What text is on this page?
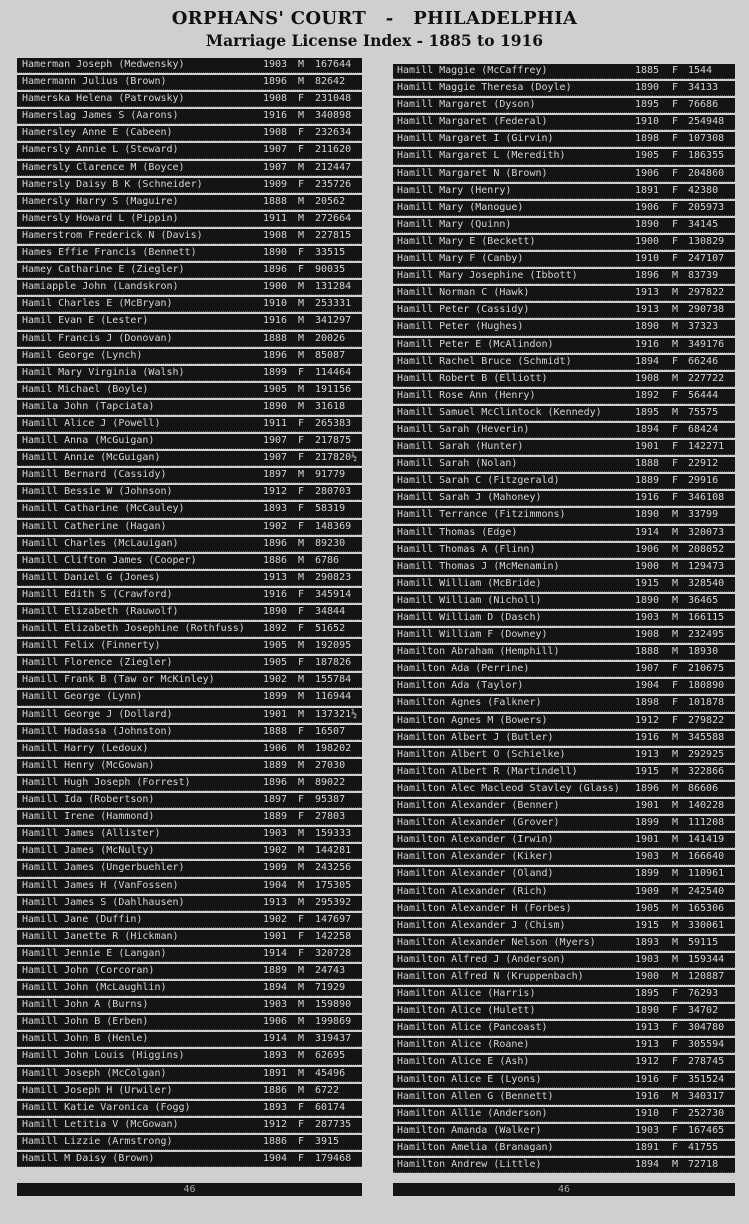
ORPHANS' COURT   -   PHILADELPHIA
Marriage License Index - 1885 to 1916
Hamerman Joseph (Medwensky)	1903 M 167644
Hamermann Julius (Brown)	1896 M 82642
Hamerska Helena (Patrowsky)	1908 F 231048
Hamerslag James S (Aarons)	1916 M 340898
Hamersley Anne E (Cabeen)	1908 F 232634
Hamersly Annie L (Steward)	1907 F 211620
Hamersly Clarence M (Boyce)	1907 M 212447
Hamersly Daisy B K (Schneider)	1909 F 235726
Hamersly Harry S (Maguire)	1888 M 20562
Hamersly Howard L (Pippin)	1911 M 272664
Hamerstrom Frederick N (Davis)	1908 M 227815
Hames Effie Francis (Bennett)	1890 F 33515
Hamey Catharine E (Ziegler)	1896 F 90035
Hamiapple John (Landskron)	1900 M 131284
Hamil Charles E (McBryan)	1910 M 253331
Hamil Evan E (Lester)	1916 M 341297
Hamil Francis J (Donovan)	1888 M 20026
Hamil George (Lynch)	1896 M 85087
Hamil Mary Virginia (Walsh)	1899 F 114464
Hamil Michael (Boyle)	1905 M 191156
Hamila John (Tapciata)	1890 M 31618
Hamill Alice J (Powell)	1911 F 265383
Hamill Anna (McGuigan)	1907 F 217875
Hamill Annie (McGuigan)	1907 F 217820½
Hamill Bernard (Cassidy)	1897 M 91779
Hamill Bessie W (Johnson)	1912 F 280703
Hamill Catharine (McCauley)	1893 F 58319
Hamill Catherine (Hagan)	1902 F 148369
Hamill Charles (McLauigan)	1896 M 89230
Hamill Clifton James (Cooper)	1886 M 6786
Hamill Daniel G (Jones)	1913 M 290823
Hamill Edith S (Crawford)	1916 F 345914
Hamill Elizabeth (Rauwolf)	1890 F 34844
Hamill Elizabeth Josephine (Rothfuss) 1892 F 51652
Hamill Felix (Finnerty)	1905 M 192095
Hamill Florence (Ziegler)	1905 F 187826
Hamill Frank B (Taw or McKinley)	1902 M 155784
Hamill George (Lynn)	1899 M 116944
Hamill George J (Dollard)	1901 M 137321½
Hamill Hadassa (Johnston)	1888 F 16507
Hamill Harry (Ledoux)	1906 M 198202
Hamill Henry (McGowan)	1889 M 27030
Hamill Hugh Joseph (Forrest)	1896 M 89022
Hamill Ida (Robertson)	1897 F 95387
Hamill Irene (Hammond)	1889 F 27803
Hamill James (Allister)	1903 M 159333
Hamill James (McNulty)	1902 M 144281
Hamill James (Ungerbuehler)	1909 M 243256
Hamill James H (VanFossen)	1904 M 175305
Hamill James S (Dahlhausen)	1913 M 295392
Hamill Jane (Duffin)	1902 F 147697
Hamill Janette R (Hickman)	1901 F 142258
Hamill Jennie E (Langan)	1914 F 320728
Hamill John (Corcoran)	1889 M 24743
Hamill John (McLaughlin)	1894 M 71929
Hamill John A (Burns)	1903 M 159890
Hamill John B (Erben)	1906 M 199869
Hamill John B (Henle)	1914 M 319437
Hamill John Louis (Higgins)	1893 M 62695
Hamill Joseph (McColgan)	1891 M 45496
Hamill Joseph H (Urwiler)	1886 M 6722
Hamill Katie Varonica (Fogg)	1893 F 60174
Hamill Letitia V (McGowan)	1912 F 287735
Hamill Lizzie (Armstrong)	1886 F 3915
Hamill M Daisy (Brown)	1904 F 179468
Hamill Maggie (McCaffrey)	1885 F 1544
Hamill Maggie Theresa (Doyle)	1890 F 34133
Hamill Margaret (Dyson)	1895 F 76686
Hamill Margaret (Federal)	1910 F 254948
Hamill Margaret I (Girvin)	1898 F 107308
Hamill Margaret L (Meredith)	1905 F 186355
Hamill Margaret N (Brown)	1906 F 204860
Hamill Mary (Henry)	1891 F 42380
Hamill Mary (Manogue)	1906 F 205973
Hamill Mary (Quinn)	1890 F 34145
Hamill Mary E (Beckett)	1900 F 130829
Hamill Mary F (Canby)	1910 F 247107
Hamill Mary Josephine (Ibbott)	1896 M 83739
Hamill Norman C (Hawk)	1913 M 297822
Hamill Peter (Cassidy)	1913 M 290738
Hamill Peter (Hughes)	1890 M 37323
Hamill Peter E (McAlindon)	1916 M 349176
Hamill Rachel Bruce (Schmidt)	1894 F 66246
Hamill Robert B (Elliott)	1908 M 227722
Hamill Rose Ann (Henry)	1892 F 56444
Hamill Samuel McClintock (Kennedy)	1895 M 75575
Hamill Sarah (Heverin)	1894 F 68424
Hamill Sarah (Hunter)	1901 F 142271
Hamill Sarah (Nolan)	1888 F 22912
Hamill Sarah C (Fitzgerald)	1889 F 29916
Hamill Sarah J (Mahoney)	1916 F 346108
Hamill Terrance (Fitzimmons)	1890 M 33799
Hamill Thomas (Edge)	1914 M 320073
Hamill Thomas A (Flinn)	1906 M 208052
Hamill Thomas J (McMenamin)	1900 M 129473
Hamill William (McBride)	1915 M 328540
Hamill William (Nicholl)	1890 M 36465
Hamill William D (Dasch)	1903 M 166115
Hamill William F (Downey)	1908 M 232495
Hamilton Abraham (Hemphill)	1888 M 18930
Hamilton Ada (Perrine)	1907 F 210675
Hamilton Ada (Taylor)	1904 F 180890
Hamilton Agnes (Falkner)	1898 F 101878
Hamilton Agnes M (Bowers)	1912 F 279822
Hamilton Albert J (Butler)	1916 M 345588
Hamilton Albert O (Schielke)	1913 M 292925
Hamilton Albert R (Martindell)	1915 M 322866
Hamilton Alec Macleod Stavley (Glass) 1896 M 86606
Hamilton Alexander (Benner)	1901 M 140228
Hamilton Alexander (Grover)	1899 M 111208
Hamilton Alexander (Irwin)	1901 M 141419
Hamilton Alexander (Kiker)	1903 M 166640
Hamilton Alexander (Oland)	1899 M 110961
Hamilton Alexander (Rich)	1909 M 242540
Hamilton Alexander H (Forbes)	1905 M 165306
Hamilton Alexander J (Chism)	1915 M 330061
Hamilton Alexander Nelson (Myers)	1893 M 59115
Hamilton Alfred J (Anderson)	1903 M 159344
Hamilton Alfred N (Kruppenbach)	1900 M 120887
Hamilton Alice (Harris)	1895 F 76293
Hamilton Alice (Hulett)	1890 F 34702
Hamilton Alice (Pancoast)	1913 F 304780
Hamilton Alice (Roane)	1913 F 305594
Hamilton Alice E (Ash)	1912 F 278745
Hamilton Alice E (Lyons)	1916 F 351524
Hamilton Allen G (Bennett)	1916 M 340317
Hamilton Allie (Anderson)	1910 F 252730
Hamilton Amanda (Walker)	1903 F 167465
Hamilton Amelia (Branagan)	1891 F 41755
Hamilton Andrew (Little)	1894 M 72718
46	46
